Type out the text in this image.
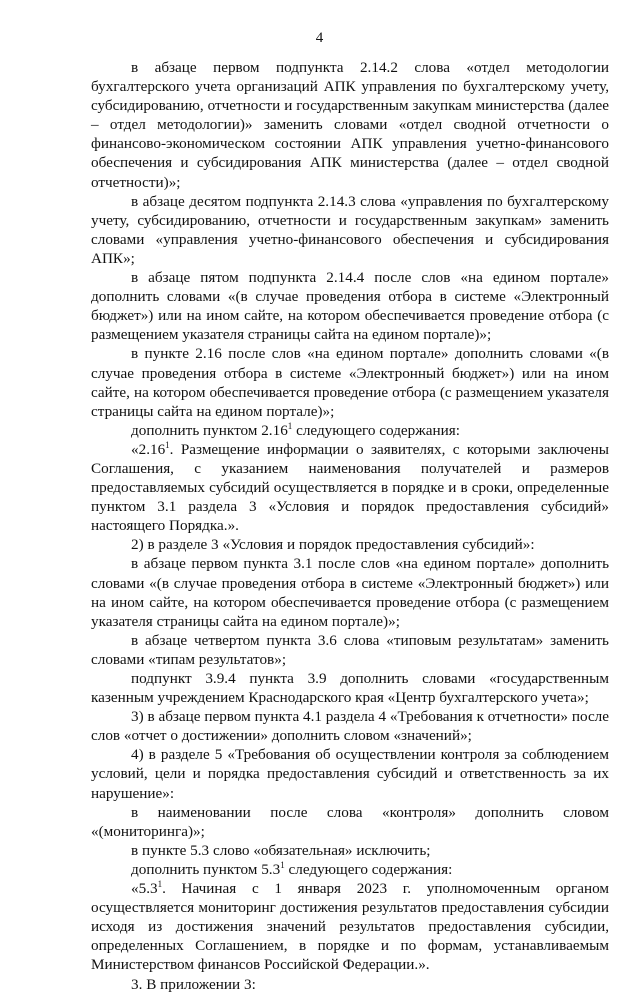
4

в абзаце первом подпункта 2.14.2 слова «отдел методологии бухгалтерского учета организаций АПК управления по бухгалтерскому учету, субсидированию, отчетности и государственным закупкам министерства (далее – отдел методологии)» заменить словами «отдел сводной отчетности о финансово-экономическом состоянии АПК управления учетно-финансового обеспечения и субсидирования АПК министерства (далее – отдел сводной отчетности)»;

в абзаце десятом подпункта 2.14.3 слова «управления по бухгалтерскому учету, субсидированию, отчетности и государственным закупкам» заменить словами «управления учетно-финансового обеспечения и субсидирования АПК»;

в абзаце пятом подпункта 2.14.4 после слов «на едином портале» дополнить словами «(в случае проведения отбора в системе «Электронный бюджет») или на ином сайте, на котором обеспечивается проведение отбора (с размещением указателя страницы сайта на едином портале)»;

в пункте 2.16 после слов «на едином портале» дополнить словами «(в случае проведения отбора в системе «Электронный бюджет») или на ином сайте, на котором обеспечивается проведение отбора (с размещением указателя страницы сайта на едином портале)»;

дополнить пунктом 2.16$^1$ следующего содержания:

«2.16$^1$. Размещение информации о заявителях, с которыми заключены Соглашения, с указанием наименования получателей и размеров предоставляемых субсидий осуществляется в порядке и в сроки, определенные пунктом 3.1 раздела 3 «Условия и порядок предоставления субсидий» настоящего Порядка.».

2) в разделе 3 «Условия и порядок предоставления субсидий»:

в абзаце первом пункта 3.1 после слов «на едином портале» дополнить словами «(в случае проведения отбора в системе «Электронный бюджет») или на ином сайте, на котором обеспечивается проведение отбора (с размещением указателя страницы сайта на едином портале)»;

в абзаце четвертом пункта 3.6 слова «типовым результатам» заменить словами «типам результатов»;

подпункт 3.9.4 пункта 3.9 дополнить словами «государственным казенным учреждением Краснодарского края «Центр бухгалтерского учета»;

3) в абзаце первом пункта 4.1 раздела 4 «Требования к отчетности» после слов «отчет о достижении» дополнить словом «значений»;

4) в разделе 5 «Требования об осуществлении контроля за соблюдением условий, цели и порядка предоставления субсидий и ответственность за их нарушение»:

в наименовании после слова «контроля» дополнить словом «(мониторинга)»;

в пункте 5.3 слово «обязательная» исключить;

дополнить пунктом $5.3^1$ следующего содержания:

«$5.3^1$. Начиная с 1 января 2023 г. уполномоченным органом осуществляется мониторинг достижения результатов предоставления субсидии исходя из достижения значений результатов предоставления субсидии, определенных Соглашением, в порядке и по формам, устанавливаемым Министерством финансов Российской Федерации.».

3. В приложении 3:
